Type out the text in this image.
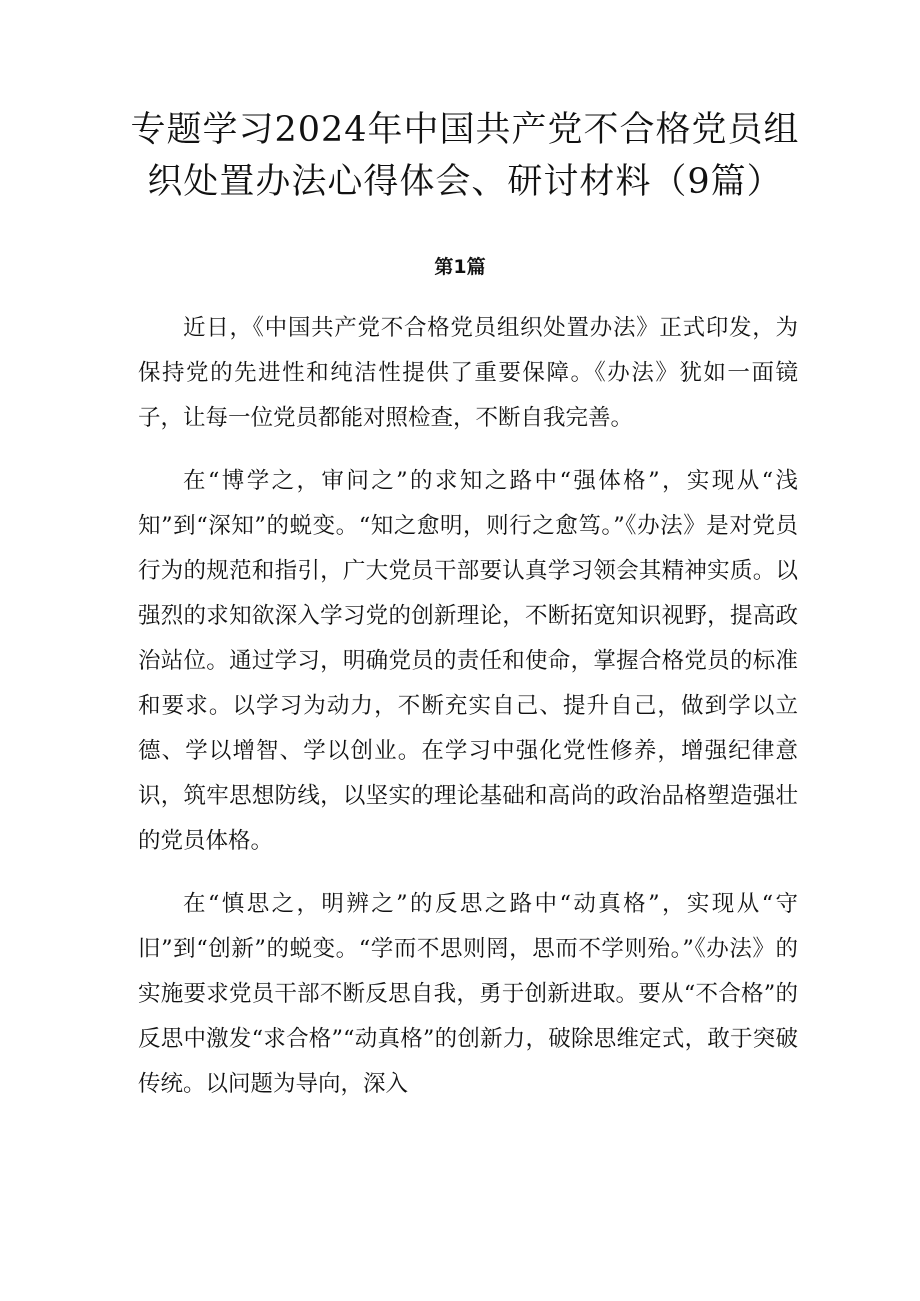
专题学习2024年中国共产党不合格党员组织处置办法心得体会、研讨材料（9篇）
第1篇

近日，《中国共产党不合格党员组织处置办法》正式印发，为保持党的先进性和纯洁性提供了重要保障。《办法》犹如一面镜子，让每一位党员都能对照检查，不断自我完善。

在“博学之，审问之”的求知之路中“强体格”，实现从“浅知”到“深知”的蜕变。“知之愈明，则行之愈笃。”《办法》是对党员行为的规范和指引，广大党员干部要认真学习领会其精神实质。以强烈的求知欲深入学习党的创新理论，不断拓宽知识视野，提高政治站位。通过学习，明确党员的责任和使命，掌握合格党员的标准和要求。以学习为动力，不断充实自己、提升自己，做到学以立德、学以增智、学以创业。在学习中强化党性修养，增强纪律意识，筑牢思想防线，以坚实的理论基础和高尚的政治品格塑造强壮的党员体格。

在“慎思之，明辨之”的反思之路中“动真格”，实现从“守旧”到“创新”的蜕变。“学而不思则罔，思而不学则殆。”《办法》的实施要求党员干部不断反思自我，勇于创新进取。要从“不合格”的反思中激发“求合格”“动真格”的创新力，破除思维定式，敢于突破传统。以问题为导向，深入
